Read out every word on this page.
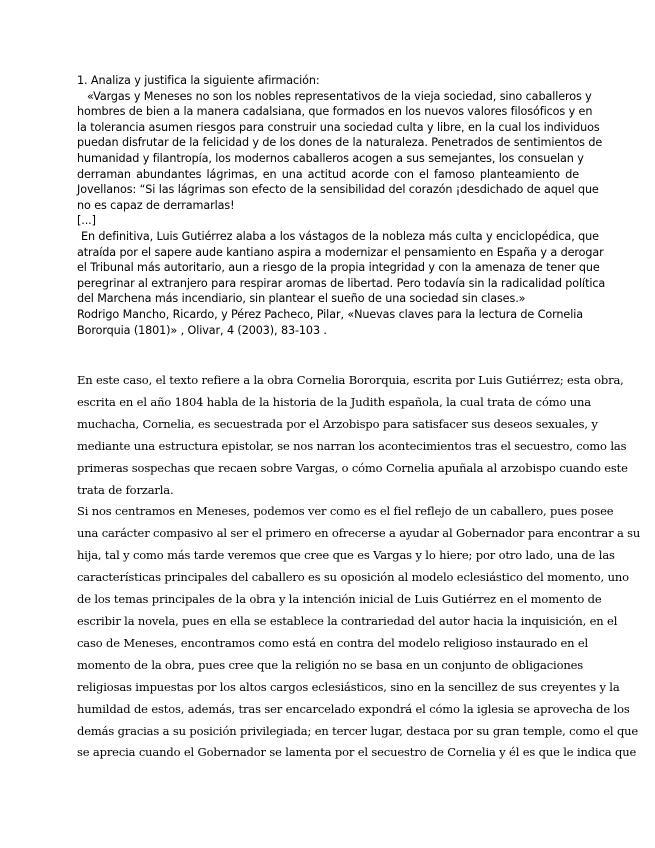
1. Analiza y justifica la siguiente afirmación:
«Vargas y Meneses no son los nobles representativos de la vieja sociedad, sino caballeros y
hombres de bien a la manera cadalsiana, que formados en los nuevos valores filosóficos y en
la tolerancia asumen riesgos para construir una sociedad culta y libre, en la cual los individuos
puedan disfrutar de la felicidad y de los dones de la naturaleza. Penetrados de sentimientos de
humanidad y filantropía, los modernos caballeros acogen a sus semejantes, los consuelan y
derraman abundantes lágrimas, en una actitud acorde con el famoso planteamiento de
Jovellanos: “Si las lágrimas son efecto de la sensibilidad del corazón ¡desdichado de aquel que
no es capaz de derramarlas!
[...]
En definitiva, Luis Gutiérrez alaba a los vástagos de la nobleza más culta y enciclopédica, que
atraída por el sapere aude kantiano aspira a modernizar el pensamiento en España y a derogar
el Tribunal más autoritario, aun a riesgo de la propia integridad y con la amenaza de tener que
peregrinar al extranjero para respirar aromas de libertad. Pero todavía sin la radicalidad política
del Marchena más incendiario, sin plantear el sueño de una sociedad sin clases.»
Rodrigo Mancho, Ricardo, y Pérez Pacheco, Pilar, «Nuevas claves para la lectura de Cornelia
Bororquia (1801)» , Olivar, 4 (2003), 83-103 .
En este caso, el texto refiere a la obra Cornelia Bororquia, escrita por Luis Gutiérrez; esta obra,
escrita en el año 1804 habla de la historia de la Judith española, la cual trata de cómo una
muchacha, Cornelia, es secuestrada por el Arzobispo para satisfacer sus deseos sexuales, y
mediante una estructura epistolar, se nos narran los acontecimientos tras el secuestro, como las
primeras sospechas que recaen sobre Vargas, o cómo Cornelia apuñala al arzobispo cuando este
trata de forzarla.
Si nos centramos en Meneses, podemos ver como es el fiel reflejo de un caballero, pues posee
una carácter compasivo al ser el primero en ofrecerse a ayudar al Gobernador para encontrar a su
hija, tal y como más tarde veremos que cree que es Vargas y lo hiere; por otro lado, una de las
características principales del caballero es su oposición al modelo eclesiástico del momento, uno
de los temas principales de la obra y la intención inicial de Luis Gutiérrez en el momento de
escribir la novela, pues en ella se establece la contrariedad del autor hacia la inquisición, en el
caso de Meneses, encontramos como está en contra del modelo religioso instaurado en el
momento de la obra, pues cree que la religión no se basa en un conjunto de obligaciones
religiosas impuestas por los altos cargos eclesiásticos, sino en la sencillez de sus creyentes y la
humildad de estos, además, tras ser encarcelado expondrá el cómo la iglesia se aprovecha de los
demás gracias a su posición privilegiada; en tercer lugar, destaca por su gran temple, como el que
se aprecia cuando el Gobernador se lamenta por el secuestro de Cornelia y él es que le indica que
